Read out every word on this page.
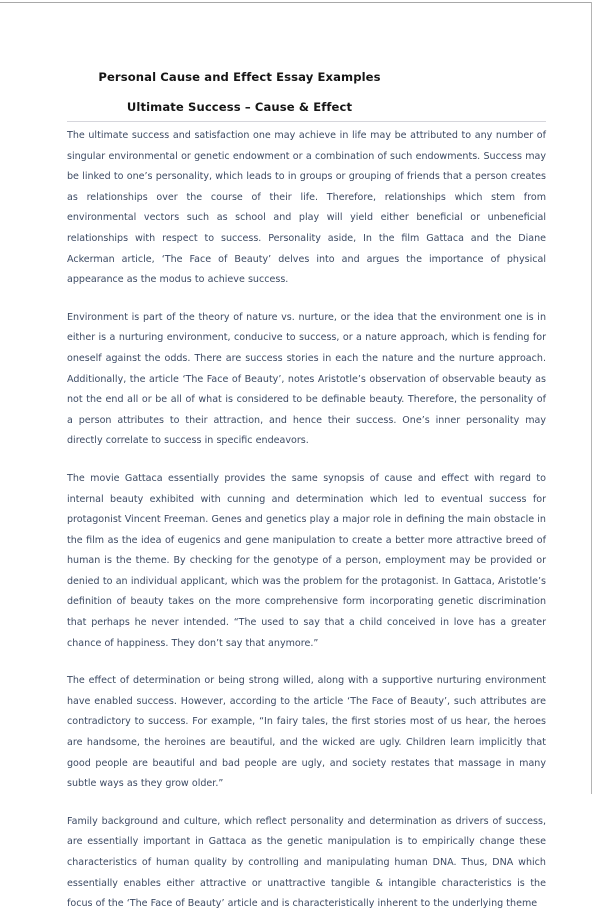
Personal Cause and Effect Essay Examples
Ultimate Success – Cause & Effect

The ultimate success and satisfaction one may achieve in life may be attributed to any number of singular environmental or genetic endowment or a combination of such endowments. Success may be linked to one’s personality, which leads to in groups or grouping of friends that a person creates as relationships over the course of their life. Therefore, relationships which stem from environmental vectors such as school and play will yield either beneficial or unbeneficial relationships with respect to success. Personality aside, In the film Gattaca and the Diane Ackerman article, ‘The Face of Beauty’ delves into and argues the importance of physical appearance as the modus to achieve success.

Environment is part of the theory of nature vs. nurture, or the idea that the environment one is in either is a nurturing environment, conducive to success, or a nature approach, which is fending for oneself against the odds. There are success stories in each the nature and the nurture approach. Additionally, the article ‘The Face of Beauty’, notes Aristotle’s observation of observable beauty as not the end all or be all of what is considered to be definable beauty. Therefore, the personality of a person attributes to their attraction, and hence their success. One’s inner personality may directly correlate to success in specific endeavors.

The movie Gattaca essentially provides the same synopsis of cause and effect with regard to internal beauty exhibited with cunning and determination which led to eventual success for protagonist Vincent Freeman. Genes and genetics play a major role in defining the main obstacle in the film as the idea of eugenics and gene manipulation to create a better more attractive breed of human is the theme. By checking for the genotype of a person, employment may be provided or denied to an individual applicant, which was the problem for the protagonist. In Gattaca, Aristotle’s definition of beauty takes on the more comprehensive form incorporating genetic discrimination that perhaps he never intended. “The used to say that a child conceived in love has a greater chance of happiness. They don’t say that anymore.”

The effect of determination or being strong willed, along with a supportive nurturing environment have enabled success. However, according to the article ‘The Face of Beauty’, such attributes are contradictory to success. For example, “In fairy tales, the first stories most of us hear, the heroes are handsome, the heroines are beautiful, and the wicked are ugly. Children learn implicitly that good people are beautiful and bad people are ugly, and society restates that massage in many subtle ways as they grow older.”

Family background and culture, which reflect personality and determination as drivers of success, are essentially important in Gattaca as the genetic manipulation is to empirically change these characteristics of human quality by controlling and manipulating human DNA. Thus, DNA which essentially enables either attractive or unattractive tangible & intangible characteristics is the focus of the ‘The Face of Beauty’ article and is characteristically inherent to the underlying theme
